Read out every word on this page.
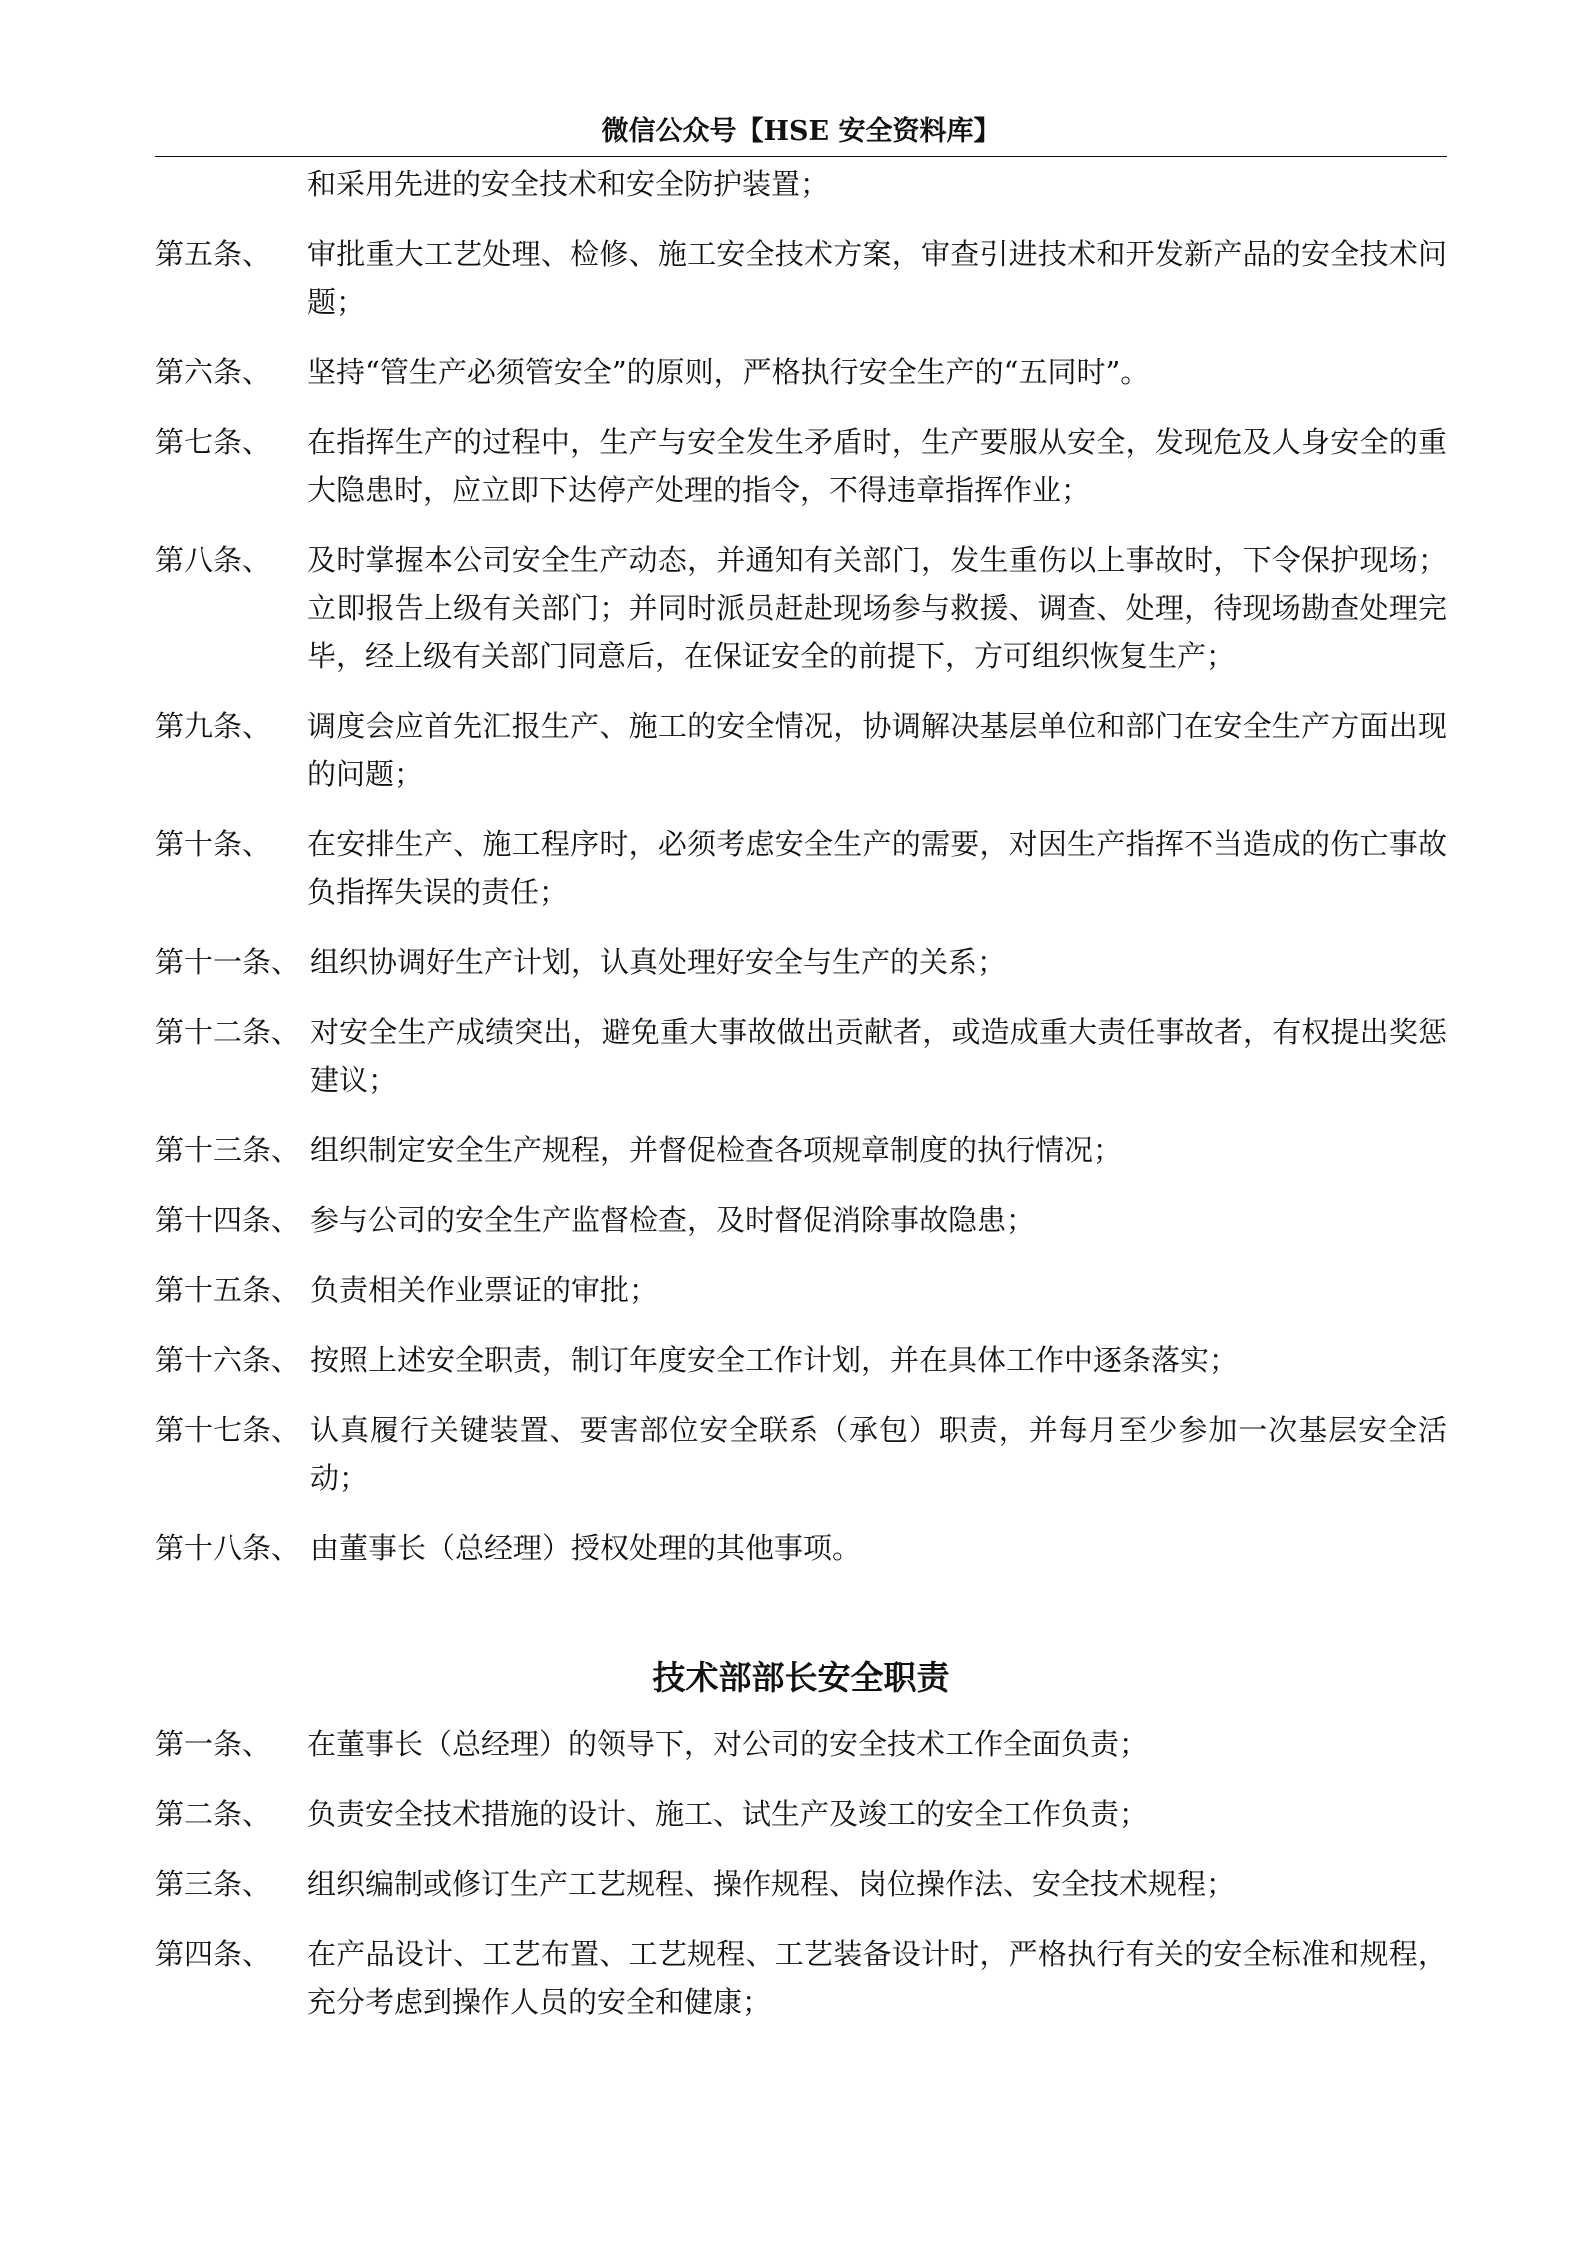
微信公众号【HSE 安全资料库】
和采用先进的安全技术和安全防护装置；
第五条、	审批重大工艺处理、检修、施工安全技术方案，审查引进技术和开发新产品的安全技术问题；
第六条、	坚持“管生产必须管安全”的原则，严格执行安全生产的“五同时”。
第七条、	在指挥生产的过程中，生产与安全发生矛盾时，生产要服从安全，发现危及人身安全的重大隐患时，应立即下达停产处理的指令，不得违章指挥作业；
第八条、	及时掌握本公司安全生产动态，并通知有关部门，发生重伤以上事故时，下令保护现场；立即报告上级有关部门；并同时派员赶赴现场参与救援、调查、处理，待现场勘查处理完毕，经上级有关部门同意后，在保证安全的前提下，方可组织恢复生产；
第九条、	调度会应首先汇报生产、施工的安全情况，协调解决基层单位和部门在安全生产方面出现的问题；
第十条、	在安排生产、施工程序时，必须考虑安全生产的需要，对因生产指挥不当造成的伤亡事故负指挥失误的责任；
第十一条、 组织协调好生产计划，认真处理好安全与生产的关系；
第十二条、 对安全生产成绩突出，避免重大事故做出贡献者，或造成重大责任事故者，有权提出奖惩建议；
第十三条、 组织制定安全生产规程，并督促检查各项规章制度的执行情况；
第十四条、 参与公司的安全生产监督检查，及时督促消除事故隐患；
第十五条、 负责相关作业票证的审批；
第十六条、 按照上述安全职责，制订年度安全工作计划，并在具体工作中逐条落实；
第十七条、 认真履行关键装置、要害部位安全联系（承包）职责，并每月至少参加一次基层安全活动；
第十八条、 由董事长（总经理）授权处理的其他事项。
技术部部长安全职责
第一条、	在董事长（总经理）的领导下，对公司的安全技术工作全面负责；
第二条、	负责安全技术措施的设计、施工、试生产及竣工的安全工作负责；
第三条、	组织编制或修订生产工艺规程、操作规程、岗位操作法、安全技术规程；
第四条、	在产品设计、工艺布置、工艺规程、工艺装备设计时，严格执行有关的安全标准和规程，充分考虑到操作人员的安全和健康；
